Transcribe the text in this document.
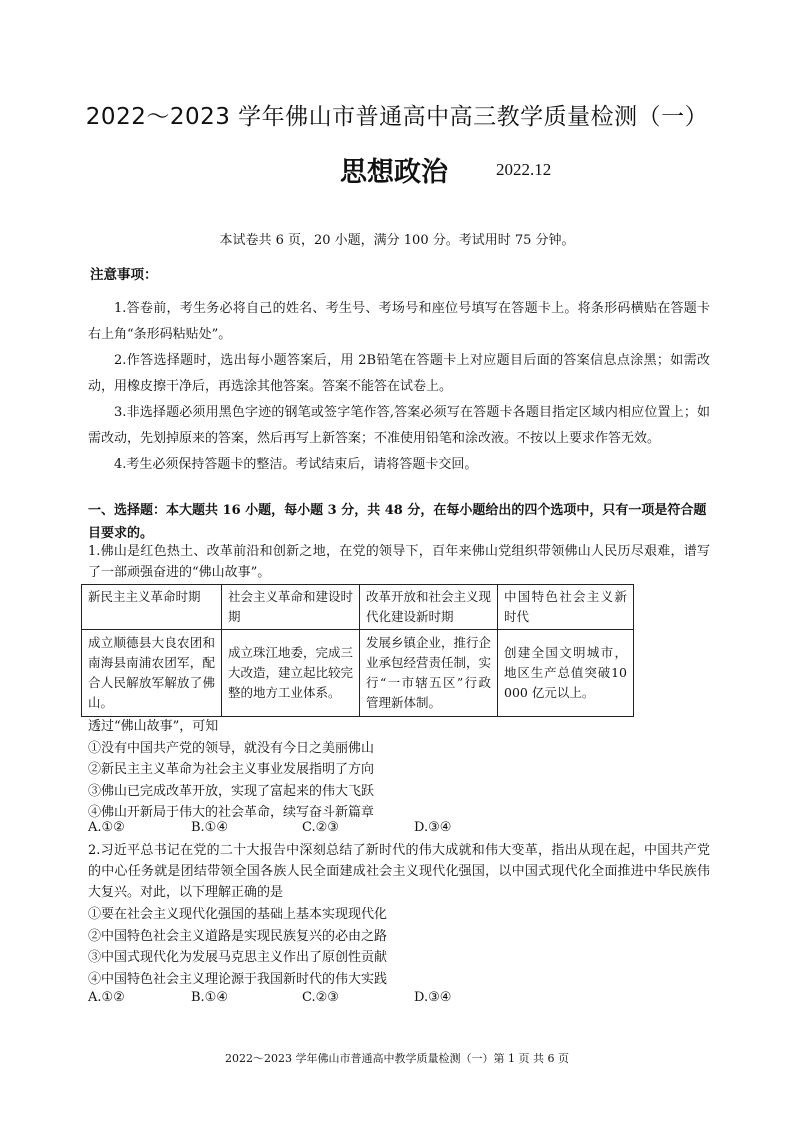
2022～2023 学年佛山市普通高中高三教学质量检测（一）
思想政治	2022.12
本试卷共 6 页，20 小题，满分 100 分。考试用时 75 分钟。
注意事项：

1.答卷前，考生务必将自己的姓名、考生号、考场号和座位号填写在答题卡上。将条形码横贴在答题卡右上角“条形码粘贴处”。

2.作答选择题时，选出每小题答案后，用 2B铅笔在答题卡上对应题目后面的答案信息点涂黑；如需改动，用橡皮擦干净后，再选涂其他答案。答案不能答在试卷上。

3.非选择题必须用黑色字迹的钢笔或签字笔作答,答案必须写在答题卡各题目指定区域内相应位置上；如需改动，先划掉原来的答案，然后再写上新答案；不准使用铅笔和涂改液。不按以上要求作答无效。

4.考生必须保持答题卡的整洁。考试结束后，请将答题卡交回。

一、选择题：本大题共 16 小题，每小题 3 分，共 48 分，在每小题给出的四个选项中，只有一项是符合题目要求的。

1.佛山是红色热土、改革前沿和创新之地，在党的领导下，百年来佛山党组织带领佛山人民历尽艰难，谱写了一部顽强奋进的“佛山故事”。

新民主主义革命时期	社会主义革命和建设时期	改革开放和社会主义现代化建设新时期	中国特色社会主义新时代
成立顺德县大良农团和南海县南浦农团军，配合人民解放军解放了佛山。	成立珠江地委，完成三大改造，建立起比较完整的地方工业体系。	发展乡镇企业，推行企业承包经营责任制，实行“一市辖五区”行政管理新体制。	创建全国文明城市，地区生产总值突破10000 亿元以上。

透过“佛山故事”，可知

①没有中国共产党的领导，就没有今日之美丽佛山

②新民主主义革命为社会主义事业发展指明了方向

③佛山已完成改革开放，实现了富起来的伟大飞跃

④佛山开新局于伟大的社会革命，续写奋斗新篇章

A.①②	B.①④	C.②③	D.③④

2.习近平总书记在党的二十大报告中深刻总结了新时代的伟大成就和伟大变革，指出从现在起，中国共产党的中心任务就是团结带领全国各族人民全面建成社会主义现代化强国，以中国式现代化全面推进中华民族伟大复兴。对此，以下理解正确的是

①要在社会主义现代化强国的基础上基本实现现代化

②中国特色社会主义道路是实现民族复兴的必由之路

③中国式现代化为发展马克思主义作出了原创性贡献

④中国特色社会主义理论源于我国新时代的伟大实践

A.①②	B.①④	C.②③	D.③④
2022～2023 学年佛山市普通高中教学质量检测（一）第 1 页 共 6 页
